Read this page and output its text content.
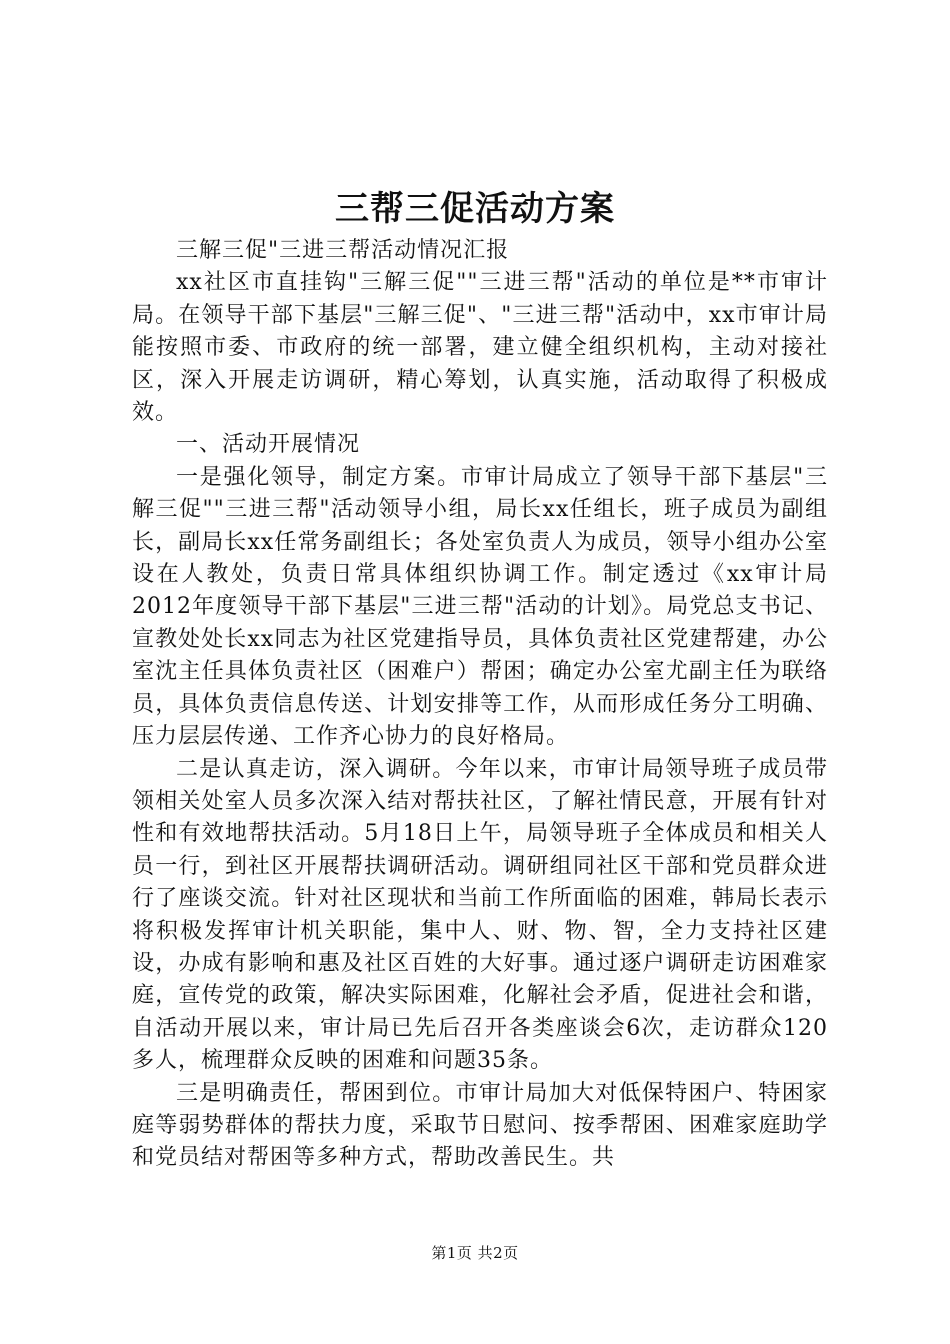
三帮三促活动方案

三解三促"三进三帮活动情况汇报

xx社区市直挂钩"三解三促""三进三帮"活动的单位是**市审计局。在领导干部下基层"三解三促"、"三进三帮"活动中，xx市审计局能按照市委、市政府的统一部署，建立健全组织机构，主动对接社区，深入开展走访调研，精心筹划，认真实施，活动取得了积极成效。

一、活动开展情况

一是强化领导，制定方案。市审计局成立了领导干部下基层"三解三促""三进三帮"活动领导小组，局长xx任组长，班子成员为副组长，副局长xx任常务副组长；各处室负责人为成员，领导小组办公室设在人教处，负责日常具体组织协调工作。制定透过《xx审计局2012年度领导干部下基层"三进三帮"活动的计划》。局党总支书记、宣教处处长xx同志为社区党建指导员，具体负责社区党建帮建，办公室沈主任具体负责社区（困难户）帮困；确定办公室尤副主任为联络员，具体负责信息传送、计划安排等工作，从而形成任务分工明确、压力层层传递、工作齐心协力的良好格局。

二是认真走访，深入调研。今年以来，市审计局领导班子成员带领相关处室人员多次深入结对帮扶社区，了解社情民意，开展有针对性和有效地帮扶活动。5月18日上午，局领导班子全体成员和相关人员一行，到社区开展帮扶调研活动。调研组同社区干部和党员群众进行了座谈交流。针对社区现状和当前工作所面临的困难，韩局长表示将积极发挥审计机关职能，集中人、财、物、智，全力支持社区建设，办成有影响和惠及社区百姓的大好事。通过逐户调研走访困难家庭，宣传党的政策，解决实际困难，化解社会矛盾，促进社会和谐，自活动开展以来，审计局已先后召开各类座谈会6次，走访群众120多人，梳理群众反映的困难和问题35条。

三是明确责任，帮困到位。市审计局加大对低保特困户、特困家庭等弱势群体的帮扶力度，采取节日慰问、按季帮困、困难家庭助学和党员结对帮困等多种方式，帮助改善民生。共

第1页 共2页
